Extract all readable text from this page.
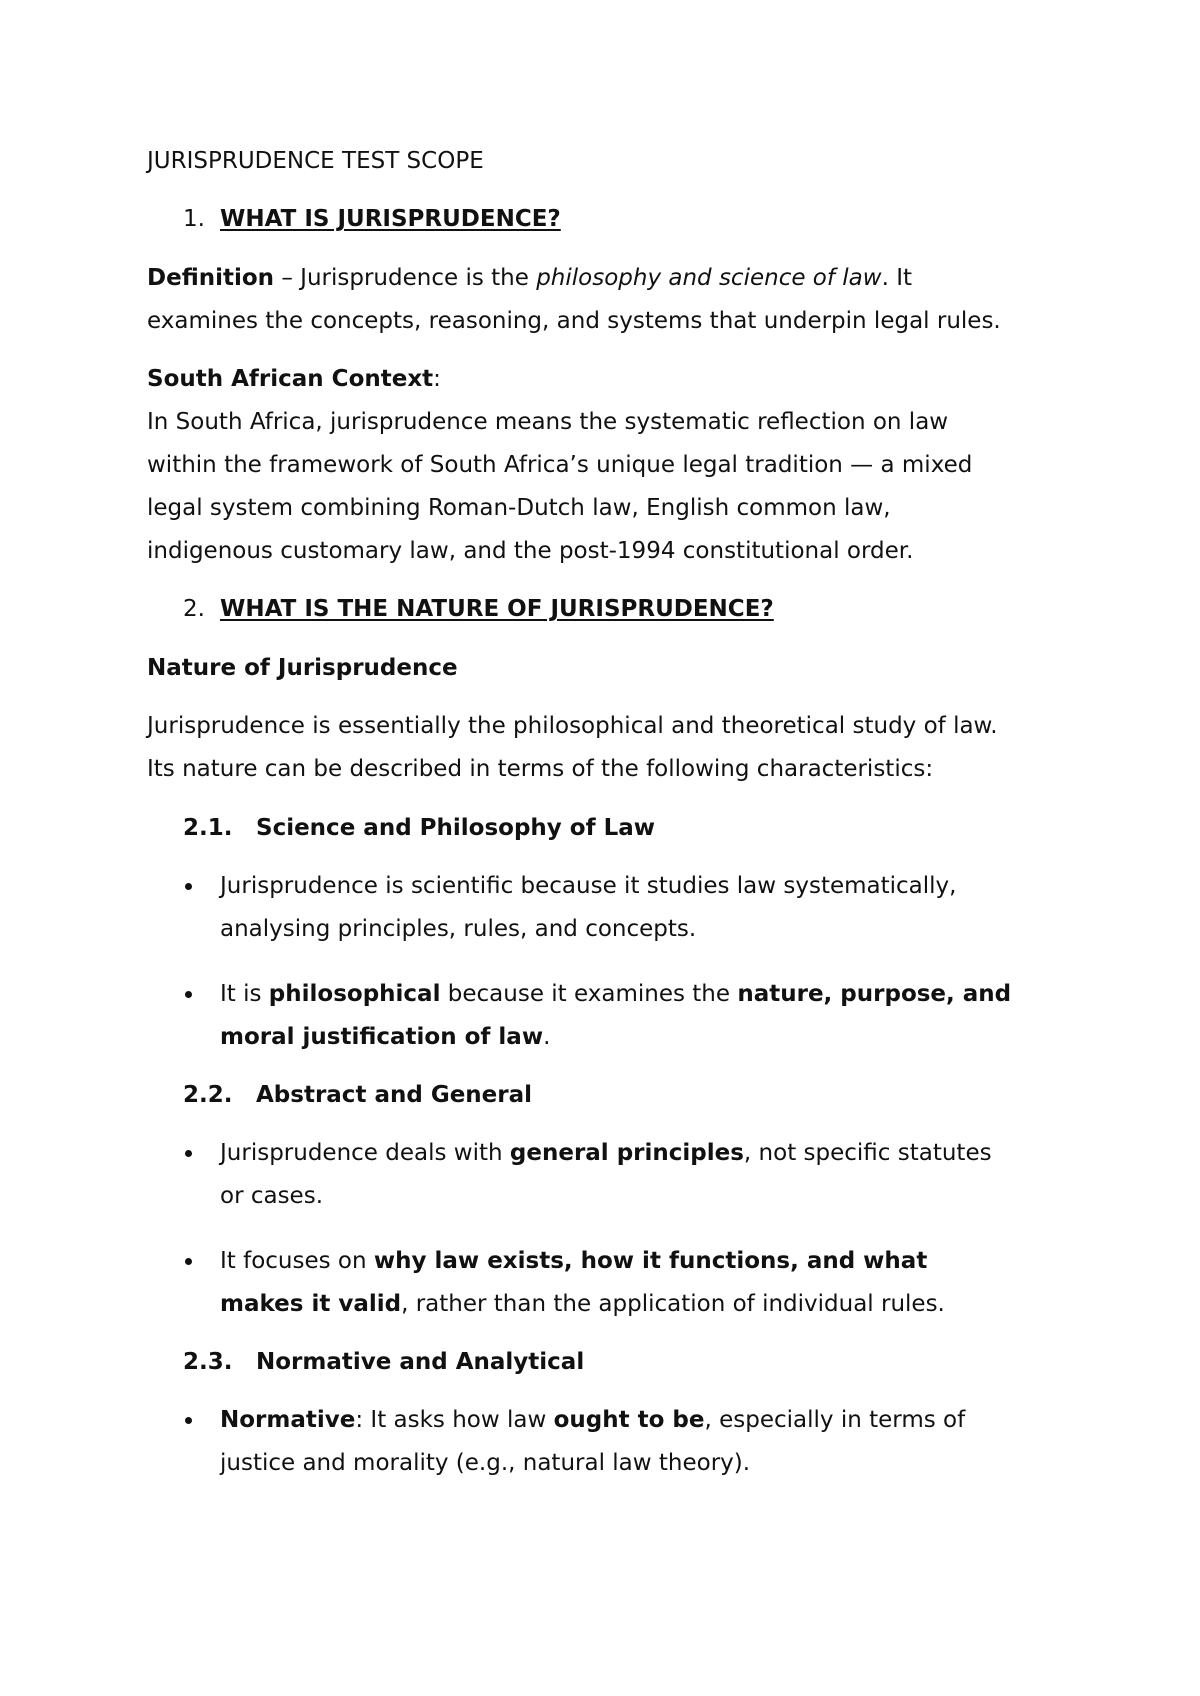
JURISPRUDENCE TEST SCOPE
1. WHAT IS JURISPRUDENCE?
Definition – Jurisprudence is the philosophy and science of law. It
examines the concepts, reasoning, and systems that underpin legal rules.
South African Context:
In South Africa, jurisprudence means the systematic reflection on law
within the framework of South Africa’s unique legal tradition — a mixed
legal system combining Roman-Dutch law, English common law,
indigenous customary law, and the post-1994 constitutional order.
2. WHAT IS THE NATURE OF JURISPRUDENCE?
Nature of Jurisprudence
Jurisprudence is essentially the philosophical and theoretical study of law.
Its nature can be described in terms of the following characteristics:
2.1. Science and Philosophy of Law
Jurisprudence is scientific because it studies law systematically,
analysing principles, rules, and concepts.
It is philosophical because it examines the nature, purpose, and
moral justification of law.
2.2. Abstract and General
Jurisprudence deals with general principles, not specific statutes
or cases.
It focuses on why law exists, how it functions, and what
makes it valid, rather than the application of individual rules.
2.3. Normative and Analytical
Normative: It asks how law ought to be, especially in terms of
justice and morality (e.g., natural law theory).
